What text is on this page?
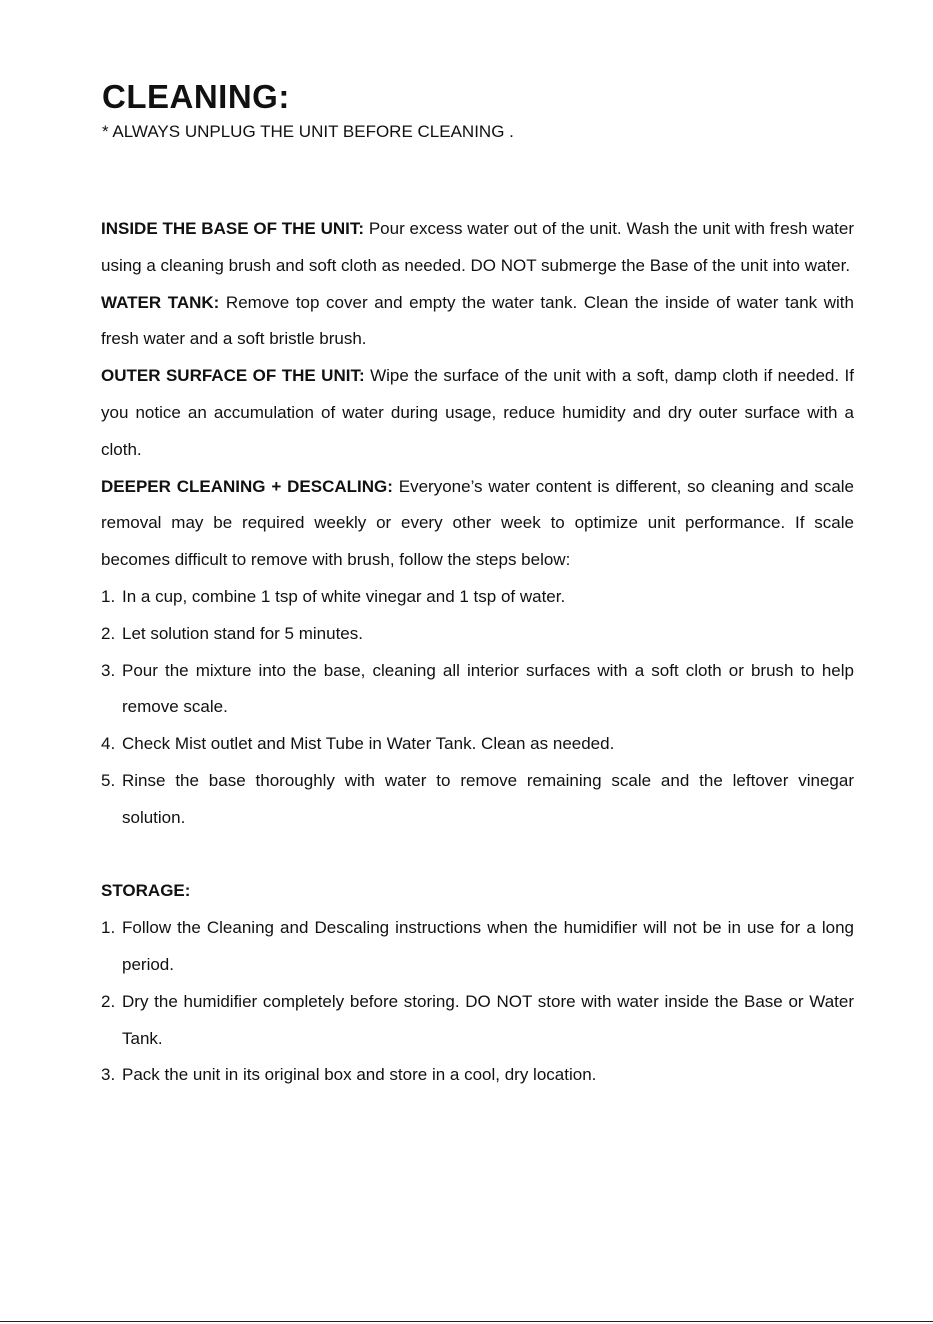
CLEANING:
* ALWAYS UNPLUG THE UNIT BEFORE CLEANING .

INSIDE THE BASE OF THE UNIT: Pour excess water out of the unit. Wash the unit with fresh water using a cleaning brush and soft cloth as needed. DO NOT submerge the Base of the unit into water.

WATER TANK: Remove top cover and empty the water tank. Clean the inside of water tank with fresh water and a soft bristle brush.

OUTER SURFACE OF THE UNIT: Wipe the surface of the unit with a soft, damp cloth if needed. If you notice an accumulation of water during usage, reduce humidity and dry outer surface with a cloth.

DEEPER CLEANING + DESCALING: Everyone’s water content is different, so cleaning and scale removal may be required weekly or every other week to optimize unit performance. If scale becomes difficult to remove with brush, follow the steps below:

1. In a cup, combine 1 tsp of white vinegar and 1 tsp of water.
2. Let solution stand for 5 minutes.
3. Pour the mixture into the base, cleaning all interior surfaces with a soft cloth or brush to help remove scale.
4. Check Mist outlet and Mist Tube in Water Tank. Clean as needed.
5. Rinse the base thoroughly with water to remove remaining scale and the leftover vinegar solution.
STORAGE:
1. Follow the Cleaning and Descaling instructions when the humidifier will not be in use for a long period.
2. Dry the humidifier completely before storing. DO NOT store with water inside the Base or Water Tank.
3. Pack the unit in its original box and store in a cool, dry location.
